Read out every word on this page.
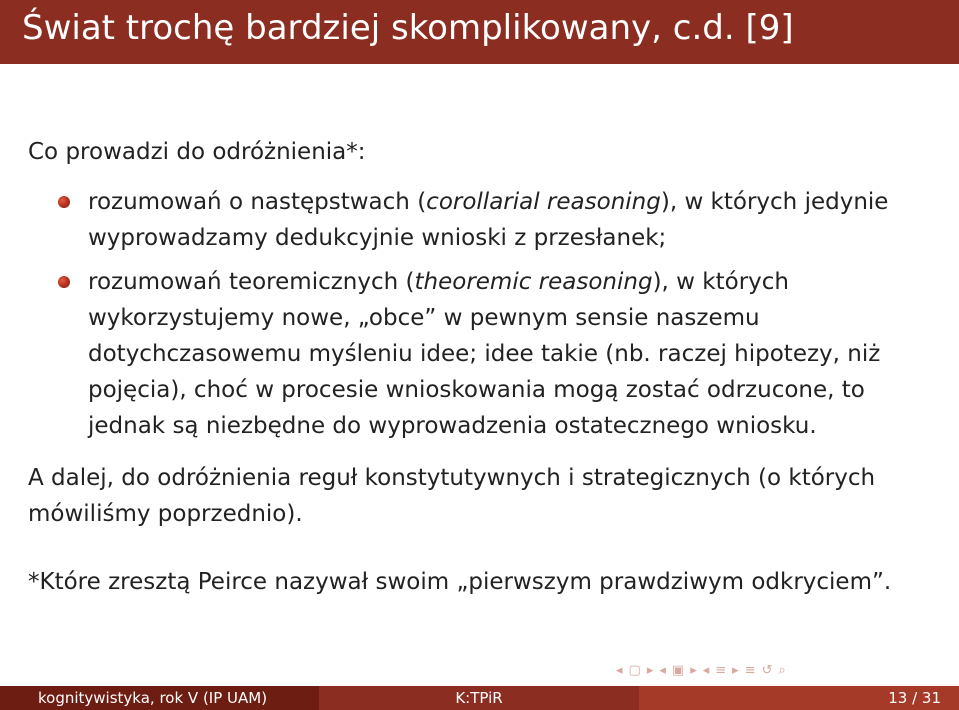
Świat trochę bardziej skomplikowany, c.d. [9]

Co prowadzi do odróżnienia*:

rozumowań o następstwach (corollarial reasoning), w których jedynie wyprowadzamy dedukcyjnie wnioski z przesłanek;
rozumowań teoremicznych (theoremic reasoning), w których wykorzystujemy nowe, „obce” w pewnym sensie naszemu dotychczasowemu myśleniu idee; idee takie (nb. raczej hipotezy, niż pojęcia), choć w procesie wnioskowania mogą zostać odrzucone, to jednak są niezbędne do wyprowadzenia ostatecznego wniosku.

A dalej, do odróżnienia reguł konstytutywnych i strategicznych (o których mówiliśmy poprzednio).

*Które zresztą Peirce nazywał swoim „pierwszym prawdziwym odkryciem”.

◂ ▢ ▸ ◂ ▣ ▸ ◂ ≡ ▸ ≡ ↺ ⌕
kognitywistyka, rok V (IP UAM)	K:TPiR	13 / 31
